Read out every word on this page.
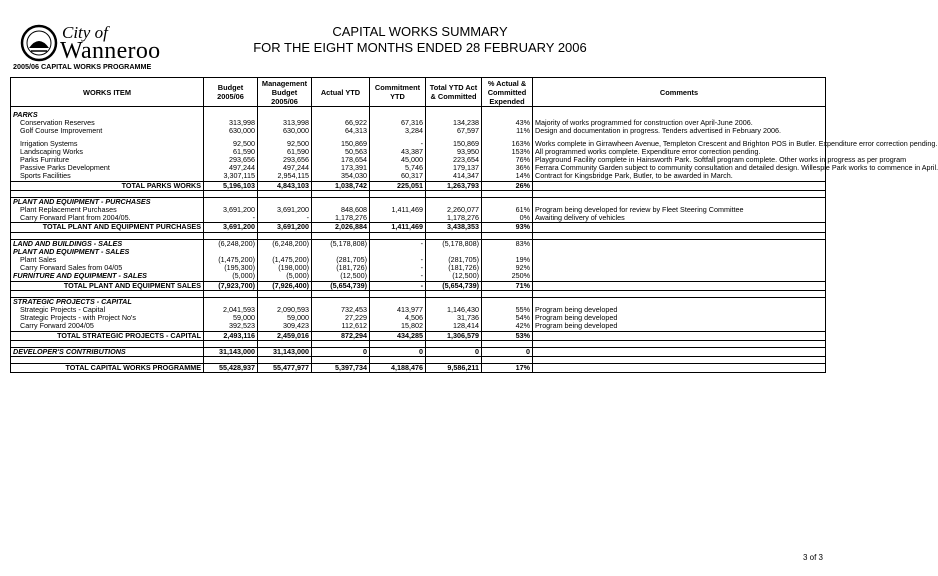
City of
Wanneroo
2005/06 CAPITAL WORKS PROGRAMME
CAPITAL WORKS SUMMARY
FOR THE EIGHT MONTHS ENDED 28 FEBRUARY 2006
WORKS ITEM	Budget 2005/06	Management Budget 2005/06	Actual YTD	Commitment YTD	Total YTD Act & Committed	% Actual & Committed Expended	Comments

PARKS							
Conservation Reserves	313,998	313,998	66,922	67,316	134,238	43%	Majority of works programmed for construction over April-June 2006.
Golf Course Improvement	630,000	630,000	64,313	3,284	67,597	11%	Design and documentation in progress. Tenders advertised in February 2006.

Irrigation Systems	92,500	92,500	150,869	-	150,869	163%	Works complete in Girrawheen Avenue, Templeton Crescent and Brighton POS in Butler. Expenditure error correction pending.
Landscaping Works	61,590	61,590	50,563	43,387	93,950	153%	All programmed works complete. Expenditure error correction pending.
Parks Furniture	293,656	293,656	178,654	45,000	223,654	76%	Playground Facility complete in Hainsworth Park. Softfall program complete. Other works in progress as per program
Passive Parks Development	497,244	497,244	173,391	5,746	179,137	36%	Ferrara Community Garden subject to community consultation and detailed design. Willespie Park works to commence in April.
Sports Facilities	3,307,115	2,954,115	354,030	60,317	414,347	14%	Contract for Kingsbridge Park, Butler, to be awarded in March.
TOTAL PARKS WORKS	5,196,103	4,843,103	1,038,742	225,051	1,263,793	26%	

PLANT AND EQUIPMENT - PURCHASES							
Plant Replacement Purchases	3,691,200	3,691,200	848,608	1,411,469	2,260,077	61%	Program being developed for review by Fleet Steering Committee
Carry Forward Plant from 2004/05.	-	-	1,178,276		1,178,276	0%	Awaiting delivery of vehicles
TOTAL PLANT AND EQUIPMENT PURCHASES	3,691,200	3,691,200	2,026,884	1,411,469	3,438,353	93%	

LAND AND BUILDINGS - SALES	(6,248,200)	(6,248,200)	(5,178,808)	-	(5,178,808)	83%	
PLANT AND EQUIPMENT - SALES							
Plant Sales	(1,475,200)	(1,475,200)	(281,705)	-	(281,705)	19%	
Carry Forward Sales from 04/05	(195,300)	(198,000)	(181,726)	-	(181,726)	92%	
FURNITURE AND EQUIPMENT - SALES	(5,000)	(5,000)	(12,500)	-	(12,500)	250%	
TOTAL PLANT AND EQUIPMENT SALES	(7,923,700)	(7,926,400)	(5,654,739)	-	(5,654,739)	71%	

STRATEGIC PROJECTS - CAPITAL							
Strategic Projects - Capital	2,041,593	2,090,593	732,453	413,977	1,146,430	55%	Program being developed
Strategic Projects - with Project No's	59,000	59,000	27,229	4,506	31,736	54%	Program being developed
Carry Forward 2004/05	392,523	309,423	112,612	15,802	128,414	42%	Program being developed
TOTAL STRATEGIC PROJECTS - CAPITAL	2,493,116	2,459,016	872,294	434,285	1,306,579	53%	

DEVELOPER'S CONTRIBUTIONS	31,143,000	31,143,000	0	0	0	0	

TOTAL CAPITAL WORKS PROGRAMME	55,428,937	55,477,977	5,397,734	4,188,476	9,586,211	17%	
3 of 3
